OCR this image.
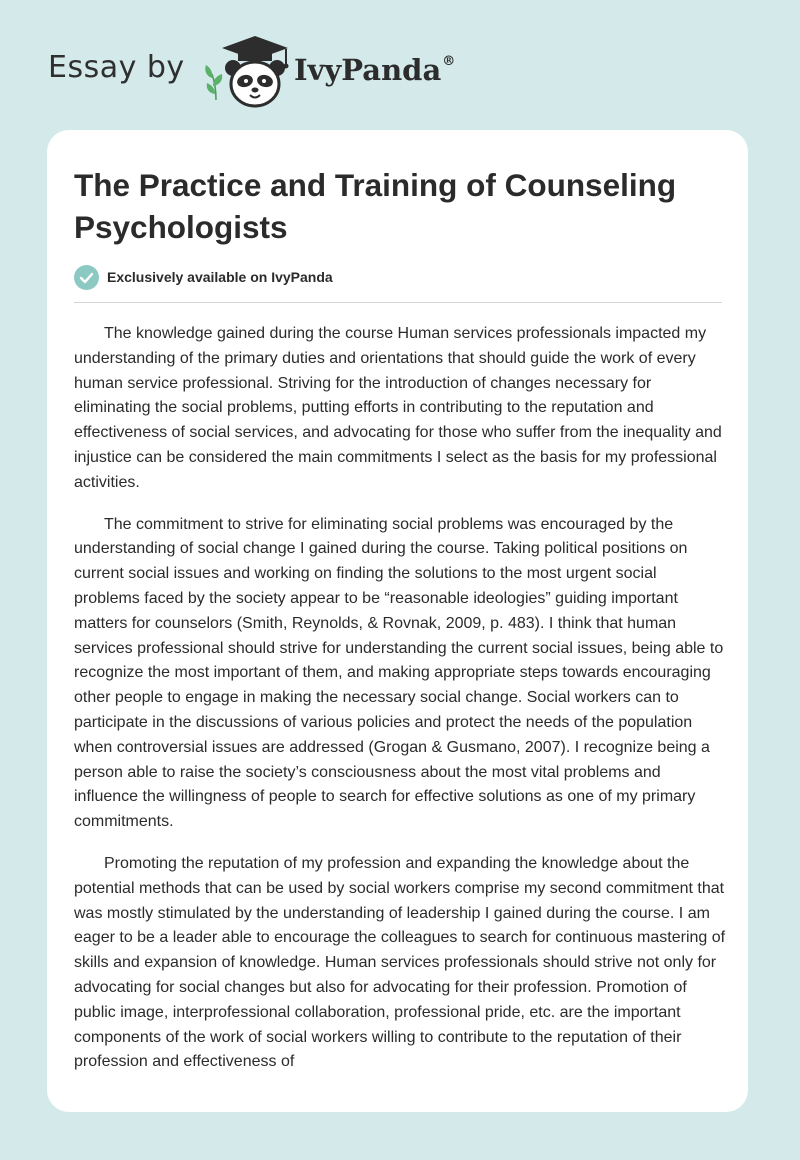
Essay by	IvyPanda®
The Practice and Training of Counseling Psychologists
Exclusively available on IvyPanda

The knowledge gained during the course Human services professionals impacted my understanding of the primary duties and orientations that should guide the work of every human service professional. Striving for the introduction of changes necessary for eliminating the social problems, putting efforts in contributing to the reputation and effectiveness of social services, and advocating for those who suffer from the inequality and injustice can be considered the main commitments I select as the basis for my professional activities.

The commitment to strive for eliminating social problems was encouraged by the understanding of social change I gained during the course. Taking political positions on current social issues and working on finding the solutions to the most urgent social problems faced by the society appear to be “reasonable ideologies” guiding important matters for counselors (Smith, Reynolds, & Rovnak, 2009, p. 483). I think that human services professional should strive for understanding the current social issues, being able to recognize the most important of them, and making appropriate steps towards encouraging other people to engage in making the necessary social change. Social workers can to participate in the discussions of various policies and protect the needs of the population when controversial issues are addressed (Grogan & Gusmano, 2007). I recognize being a person able to raise the society’s consciousness about the most vital problems and influence the willingness of people to search for effective solutions as one of my primary commitments.

Promoting the reputation of my profession and expanding the knowledge about the potential methods that can be used by social workers comprise my second commitment that was mostly stimulated by the understanding of leadership I gained during the course. I am eager to be a leader able to encourage the colleagues to search for continuous mastering of skills and expansion of knowledge. Human services professionals should strive not only for advocating for social changes but also for advocating for their profession. Promotion of public image, interprofessional collaboration, professional pride, etc. are the important components of the work of social workers willing to contribute to the reputation of their profession and effectiveness of
